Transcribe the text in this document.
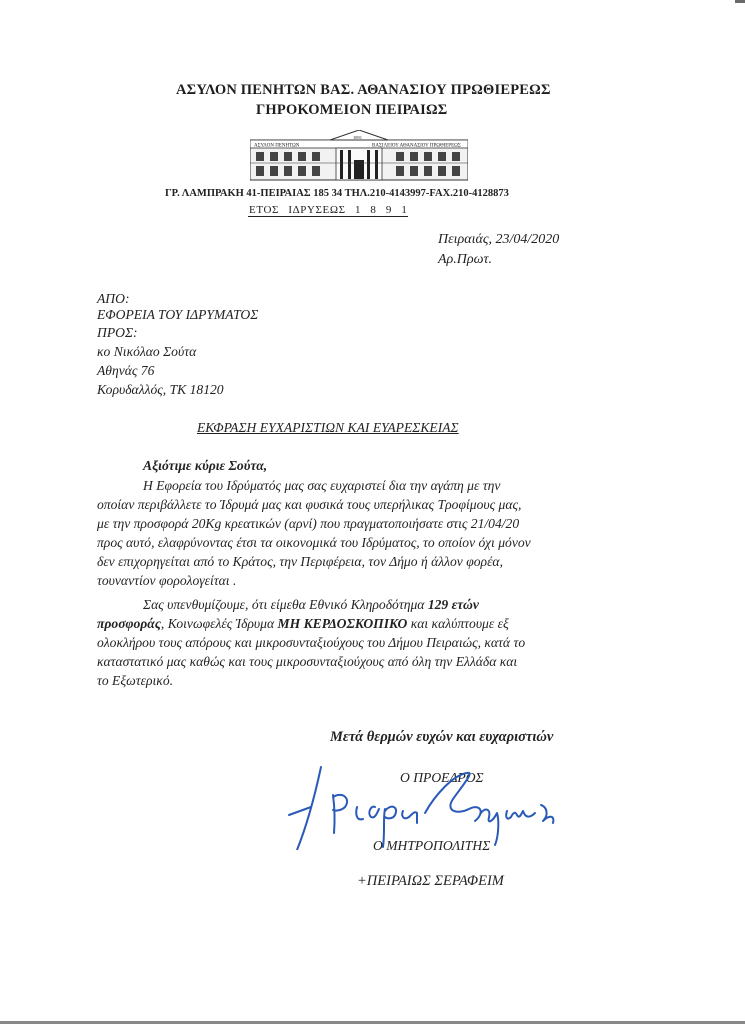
ΑΣΥΛΟΝ ΠΕΝΗΤΩΝ ΒΑΣ. ΑΘΑΝΑΣΙΟΥ ΠΡΩΘΙΕΡΕΩΣ
ΓΗΡΟΚΟΜΕΙΟΝ ΠΕΙΡΑΙΩΣ
ΑΣΥΛΟΝ ΠΕΝΗΤΩΝ	ΒΑΣΙΛΕΙΟΥ ΑΘΑΝΑΣΙΟΥ ΠΡΩΘΙΕΡΕΩΣ
1891
ΓΡ. ΛΑΜΠΡΑΚΗ 41-ΠΕΙΡΑΙΑΣ 185 34 ΤΗΛ.210-4143997-FAX.210-4128873
ΕΤΟΣ ΙΔΡΥΣΕΩΣ 1 8 9 1
Πειραιάς, 23/04/2020
Αρ.Πρωτ.
ΑΠΟ:
ΕΦΟΡΕΙΑ ΤΟΥ ΙΔΡΥΜΑΤΟΣ
ΠΡΟΣ:
κο Νικόλαο Σούτα
Αθηνάς 76
Κορυδαλλός, ΤΚ 18120
ΕΚΦΡΑΣΗ ΕΥΧΑΡΙΣΤΙΩΝ ΚΑΙ ΕΥΑΡΕΣΚΕΙΑΣ
Αξιότιμε κύριε Σούτα,
Η Εφορεία του Ιδρύματός μας σας ευχαριστεί δια την αγάπη με την
οποίαν περιβάλλετε το Ίδρυμά μας και φυσικά τους υπερήλικας Τροφίμους μας,
με την προσφορά 20Kg κρεατικών (αρνί) που πραγματοποιήσατε στις 21/04/20
προς αυτό, ελαφρύνοντας έτσι τα οικονομικά του Ιδρύματος, το οποίον όχι μόνον
δεν επιχορηγείται από το Κράτος, την Περιφέρεια, τον Δήμο ή άλλον φορέα,
τουναντίον φορολογείται .
Σας υπενθυμίζουμε, ότι είμεθα Εθνικό Κληροδότημα 129 ετών
προσφοράς, Κοινωφελές Ίδρυμα ΜΗ ΚΕΡΔΟΣΚΟΠΙΚΟ και καλύπτουμε εξ
ολοκλήρου τους απόρους και μικροσυνταξιούχους του Δήμου Πειραιώς, κατά το
καταστατικό μας καθώς και τους μικροσυνταξιούχους από όλη την Ελλάδα και
το Εξωτερικό.
Μετά θερμών ευχών και ευχαριστιών
Ο ΠΡΟΕΔΡΟΣ
Ο ΜΗΤΡΟΠΟΛΙΤΗΣ
+ΠΕΙΡΑΙΩΣ ΣΕΡΑΦΕΙΜ
